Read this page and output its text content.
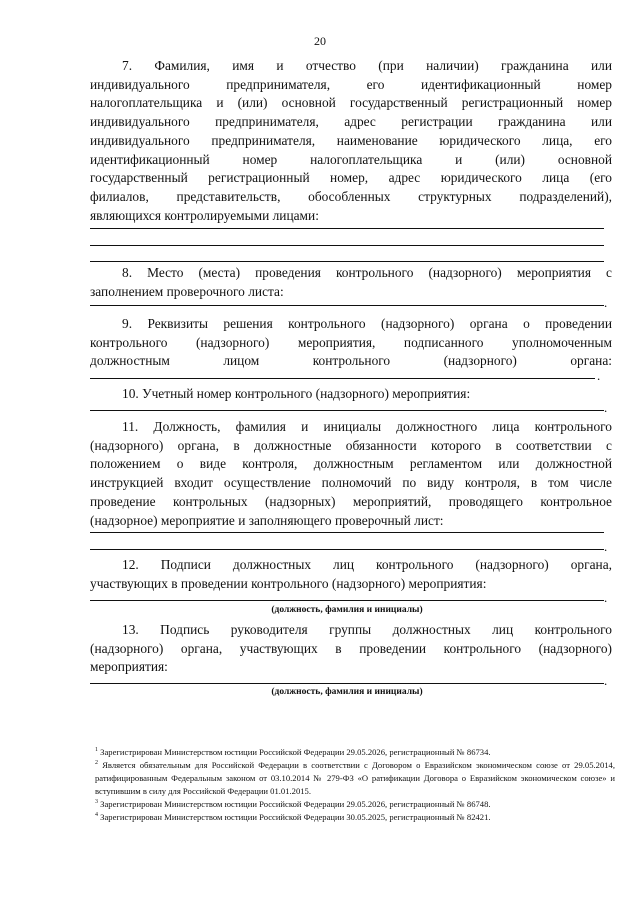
20
7. Фамилия, имя и отчество (при наличии) гражданина или
индивидуального предпринимателя, его идентификационный номер
налогоплательщика и (или) основной государственный регистрационный номер
индивидуального предпринимателя, адрес регистрации гражданина или
индивидуального предпринимателя, наименование юридического лица, его
идентификационный номер налогоплательщика и (или) основной
государственный регистрационный номер, адрес юридического лица (его
филиалов, представительств, обособленных структурных подразделений),
являющихся контролируемыми лицами:
8. Место (места) проведения контрольного (надзорного) мероприятия с
заполнением проверочного листа:
.
9. Реквизиты решения контрольного (надзорного) органа о проведении
контрольного (надзорного) мероприятия, подписанного уполномоченным
должностным лицом контрольного (надзорного) органа:
.
10. Учетный номер контрольного (надзорного) мероприятия:
.
11. Должность, фамилия и инициалы должностного лица контрольного
(надзорного) органа, в должностные обязанности которого в соответствии с
положением о виде контроля, должностным регламентом или должностной
инструкцией входит осуществление полномочий по виду контроля, в том числе
проведение контрольных (надзорных) мероприятий, проводящего контрольное
(надзорное) мероприятие и заполняющего проверочный лист:
.
12. Подписи должностных лиц контрольного (надзорного) органа,
участвующих в проведении контрольного (надзорного) мероприятия:
.
(должность, фамилия и инициалы)
13. Подпись руководителя группы должностных лиц контрольного
(надзорного) органа, участвующих в проведении контрольного (надзорного)
мероприятия:
.
(должность, фамилия и инициалы)

$^1$ Зарегистрирован Министерством юстиции Российской Федерации 29.05.2026, регистрационный № 86734.

$^2$ Является обязательным для Российской Федерации в соответствии с Договором о Евразийском экономическом союзе от 29.05.2014, ратифицированным Федеральным законом от 03.10.2014 № 279-ФЗ «О ратификации Договора о Евразийском экономическом союзе» и вступившим в силу для Российской Федерации 01.01.2015.

$^3$ Зарегистрирован Министерством юстиции Российской Федерации 29.05.2026, регистрационный № 86748.

$^4$ Зарегистрирован Министерством юстиции Российской Федерации 30.05.2025, регистрационный № 82421.
